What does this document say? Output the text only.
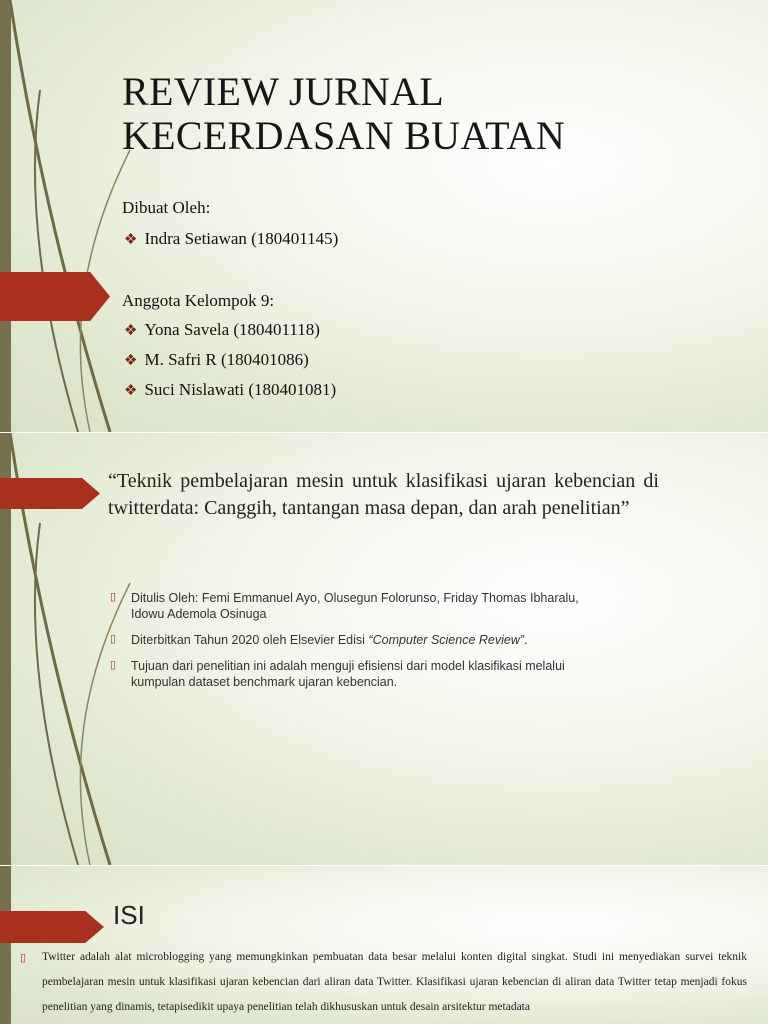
REVIEW JURNAL
KECERDASAN BUATAN
Dibuat Oleh:
❖ Indra Setiawan (180401145)
Anggota Kelompok 9:
❖ Yona Savela (180401118)
❖ M. Safri R (180401086)
❖ Suci Nislawati (180401081)

“Teknik pembelajaran mesin untuk klasifikasi ujaran kebencian di twitterdata: Canggih, tantangan masa depan, dan arah penelitian”

▯	Ditulis Oleh: Femi Emmanuel Ayo, Olusegun Folorunso, Friday Thomas Ibharalu, Idowu Ademola Osinuga
▯	Diterbitkan Tahun 2020 oleh Elsevier Edisi “Computer Science Review”.
▯	Tujuan dari penelitian ini adalah menguji efisiensi dari model klasifikasi melalui kumpulan dataset benchmark ujaran kebencian.
ISI
▯ Twitter adalah alat microblogging yang memungkinkan pembuatan data besar melalui konten digital singkat. Studi ini menyediakan survei teknik pembelajaran mesin untuk klasifikasi ujaran kebencian dari aliran data Twitter. Klasifikasi ujaran kebencian di aliran data Twitter tetap menjadi fokus penelitian yang dinamis, tetapisedikit upaya penelitian telah dikhususkan untuk desain arsitektur metadata
